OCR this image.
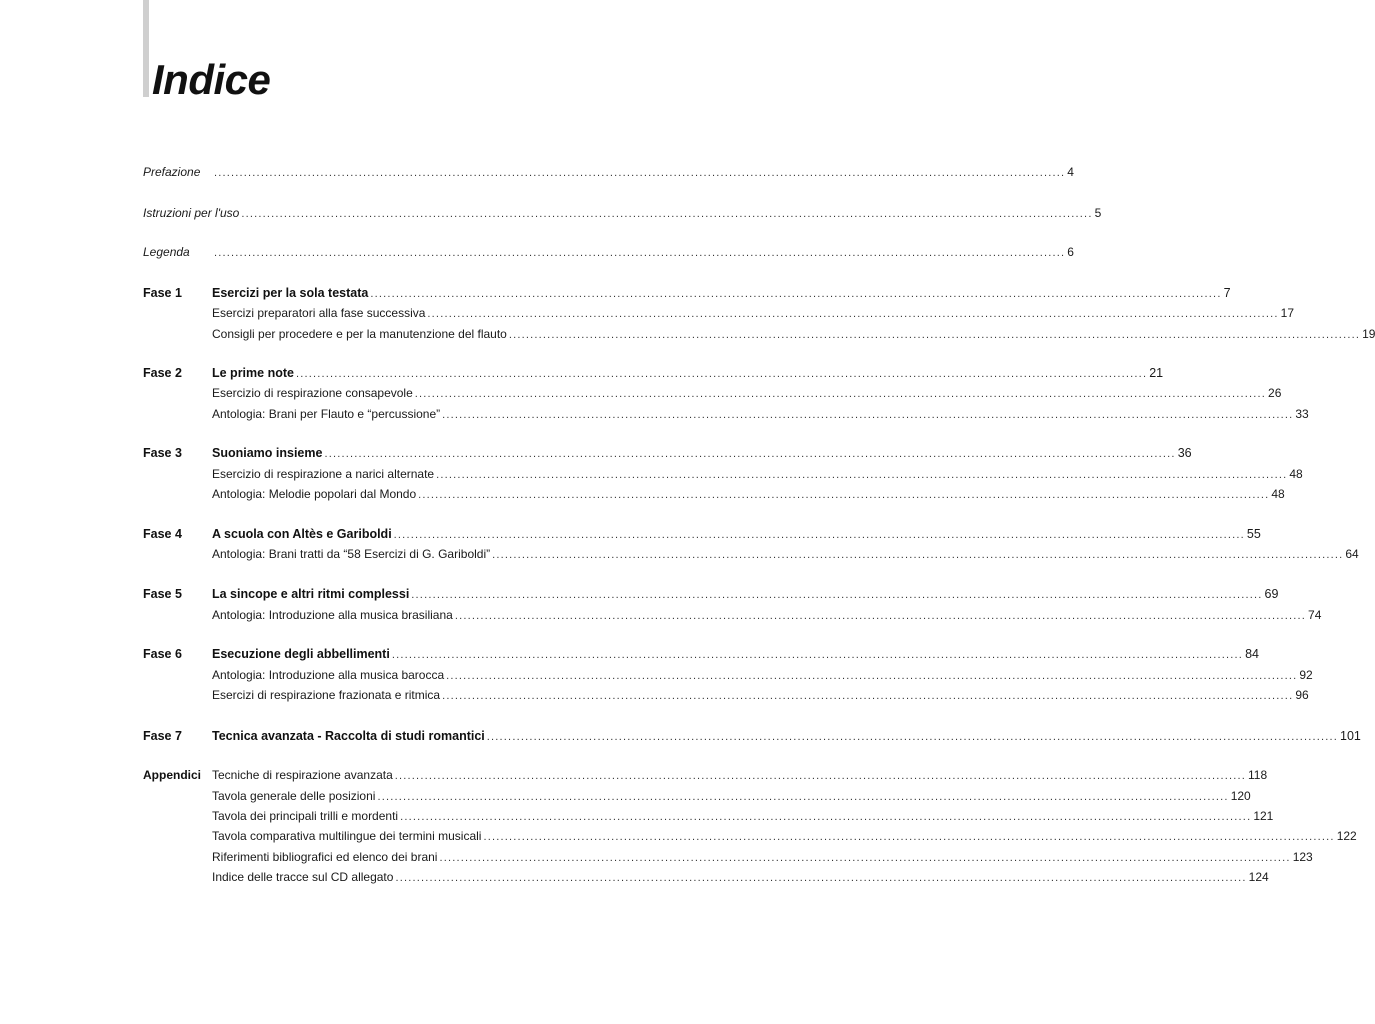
Indice
Prefazione	........................................................................................................................................................................................................ 4
Istruzioni per l'uso ........................................................................................................................................................................................................ 5
Legenda	........................................................................................................................................................................................................ 6
Fase 1	Esercizi per la sola testata ........................................................................................................................................................................................................ 7
Esercizi preparatori alla fase successiva ........................................................................................................................................................................................................ 17
Consigli per procedere e per la manutenzione del flauto ........................................................................................................................................................................................................ 19
Fase 2	Le prime note ........................................................................................................................................................................................................ 21
Esercizio di respirazione consapevole ........................................................................................................................................................................................................ 26
Antologia: Brani per Flauto e “percussione” ........................................................................................................................................................................................................ 33
Fase 3	Suoniamo insieme ........................................................................................................................................................................................................ 36
Esercizio di respirazione a narici alternate ........................................................................................................................................................................................................ 48
Antologia: Melodie popolari dal Mondo ........................................................................................................................................................................................................ 48
Fase 4	A scuola con Altès e Gariboldi ........................................................................................................................................................................................................ 55
Antologia: Brani tratti da “58 Esercizi di G. Gariboldi” ........................................................................................................................................................................................................ 64
Fase 5	La sincope e altri ritmi complessi ........................................................................................................................................................................................................ 69
Antologia: Introduzione alla musica brasiliana ........................................................................................................................................................................................................ 74
Fase 6	Esecuzione degli abbellimenti ........................................................................................................................................................................................................ 84
Antologia: Introduzione alla musica barocca ........................................................................................................................................................................................................ 92
Esercizi di respirazione frazionata e ritmica ........................................................................................................................................................................................................ 96
Fase 7	Tecnica avanzata - Raccolta di studi romantici ........................................................................................................................................................................................................ 101
Appendici Tecniche di respirazione avanzata ........................................................................................................................................................................................................ 118
Tavola generale delle posizioni ........................................................................................................................................................................................................ 120
Tavola dei principali trilli e mordenti ........................................................................................................................................................................................................ 121
Tavola comparativa multilingue dei termini musicali ........................................................................................................................................................................................................ 122
Riferimenti bibliografici ed elenco dei brani ........................................................................................................................................................................................................ 123
Indice delle tracce sul CD allegato ........................................................................................................................................................................................................ 124
